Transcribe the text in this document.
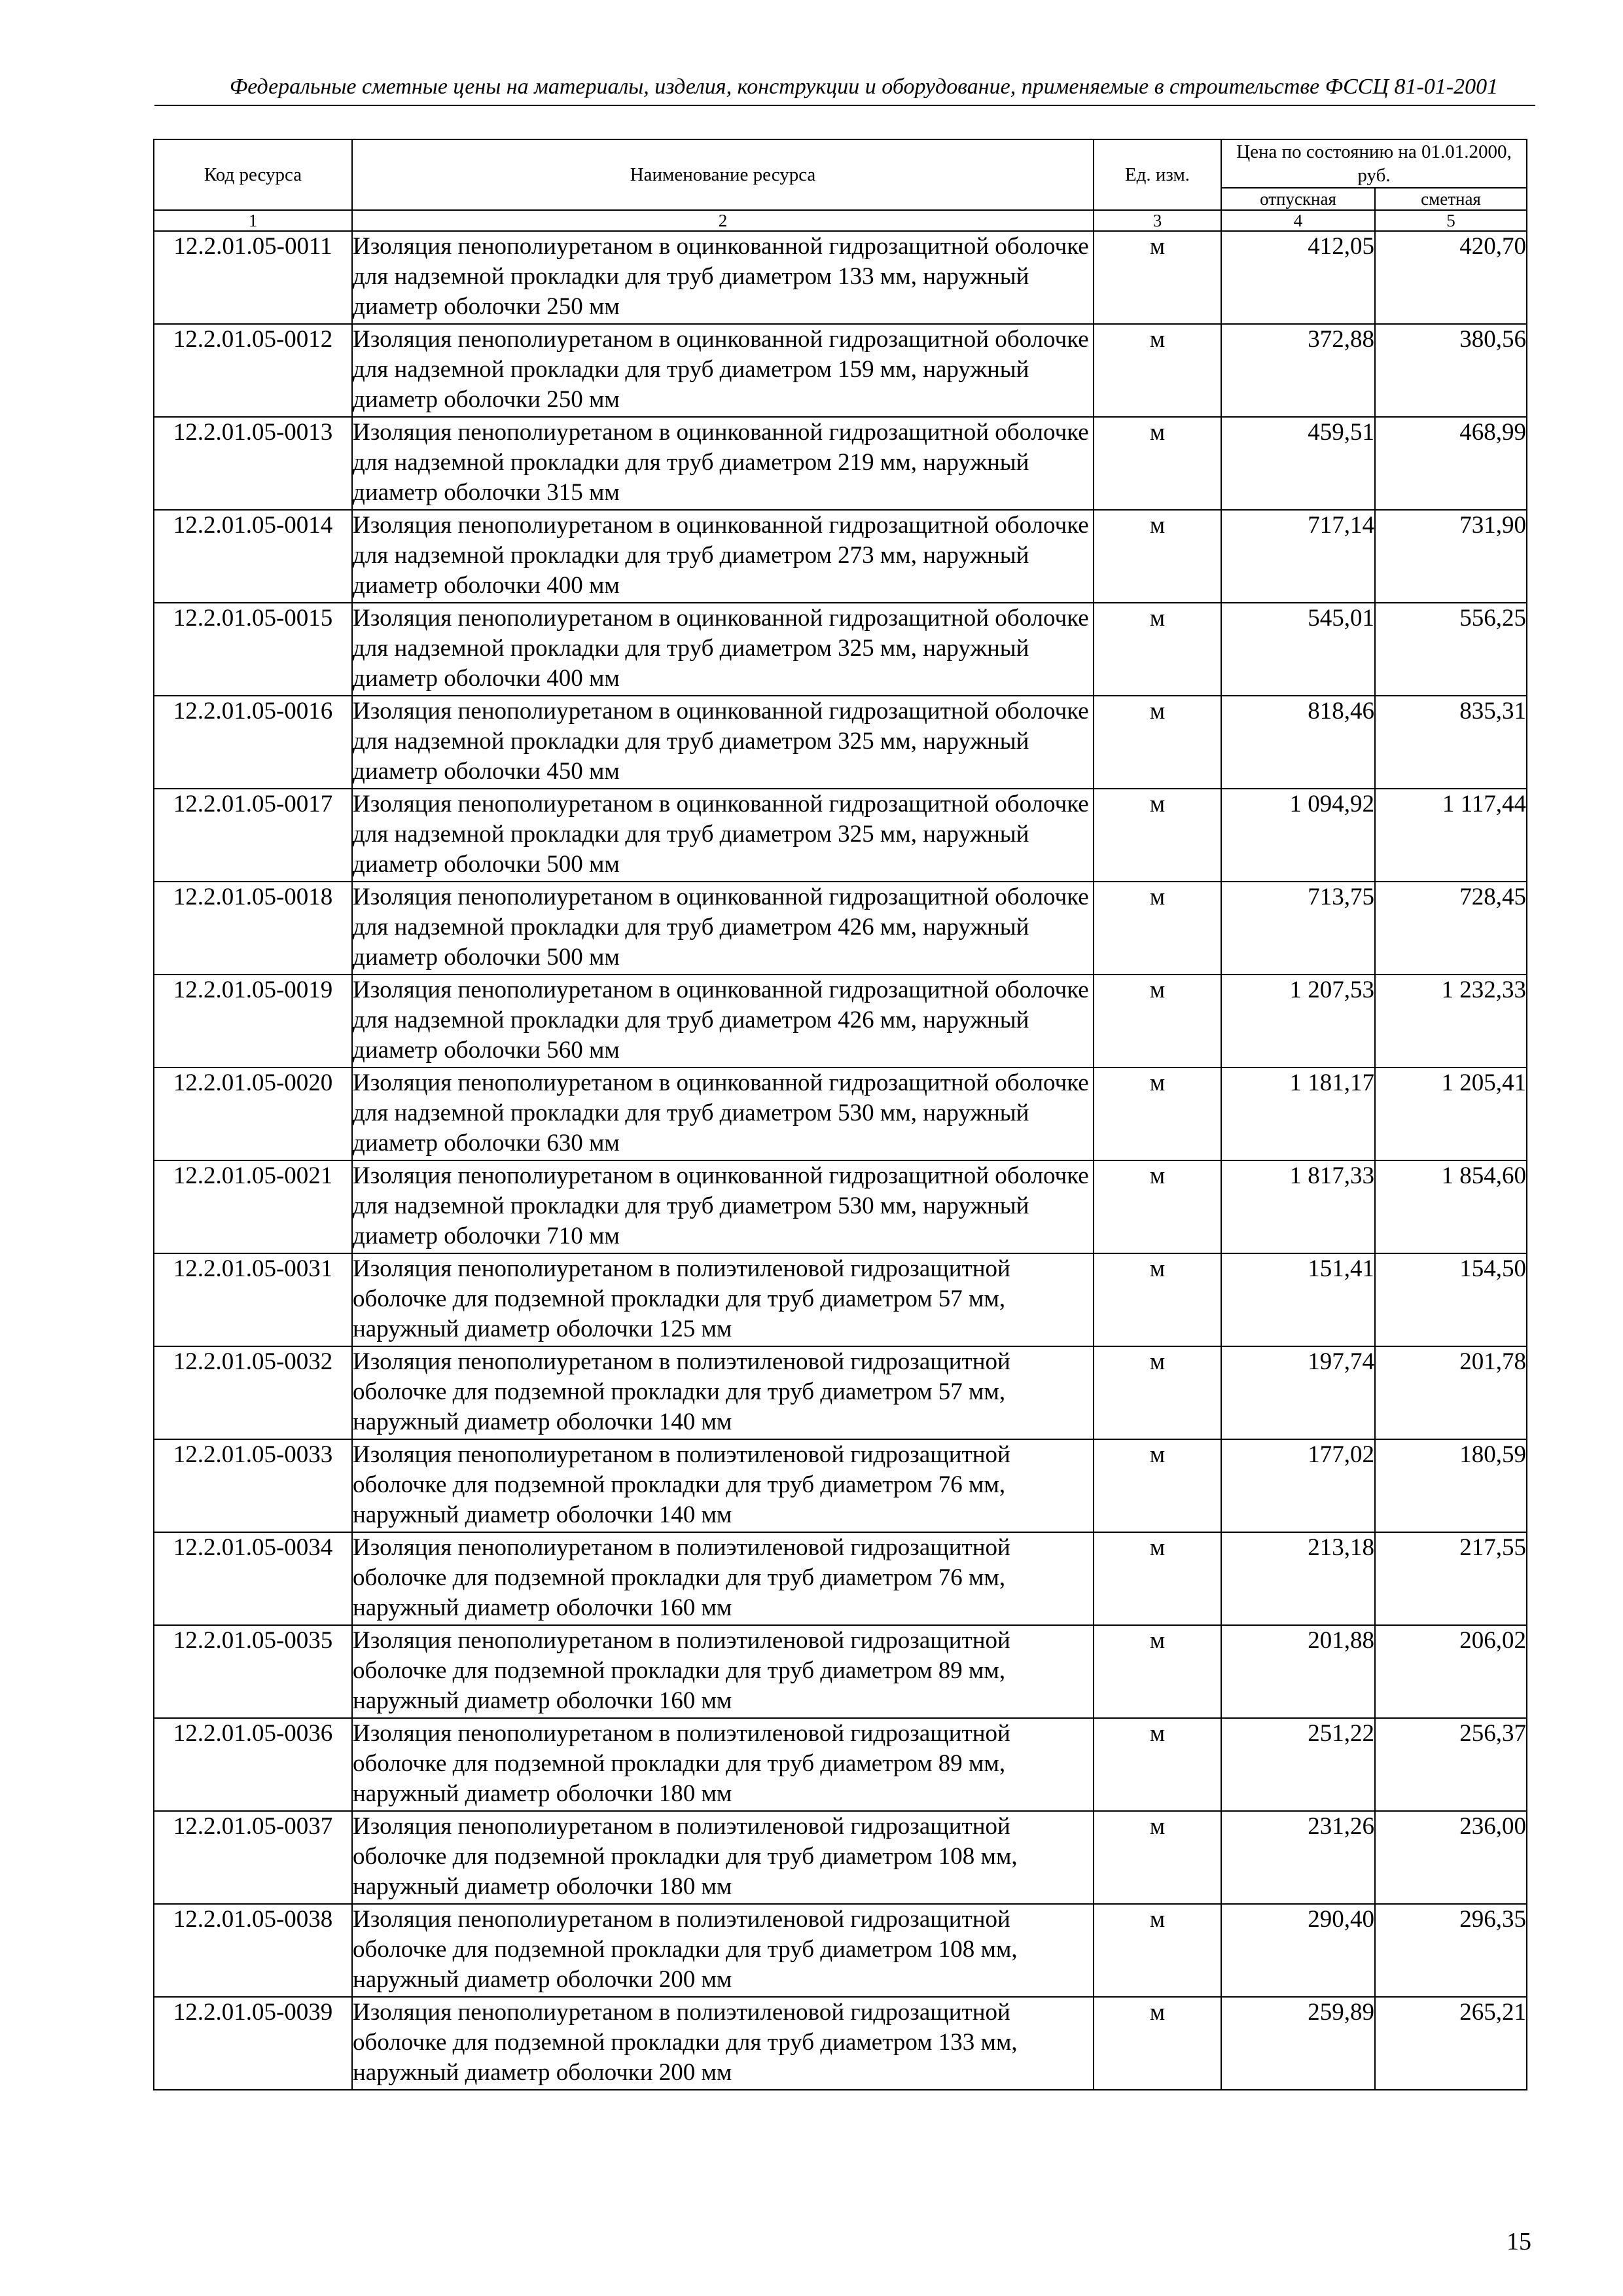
Федеральные сметные цены на материалы, изделия, конструкции и оборудование, применяемые в строительстве ФССЦ 81-01-2001
Код ресурса	Наименование ресурса	Ед. изм.	Цена по состоянию на 01.01.2000, руб.	
			отпускная	сметная
1	2	3	4	5
12.2.01.05-0011	Изоляция пенополиуретаном в оцинкованной гидрозащитной оболочке для надземной прокладки для труб диаметром 133 мм, наружный диаметр оболочки 250 мм	м	412,05	420,70
12.2.01.05-0012	Изоляция пенополиуретаном в оцинкованной гидрозащитной оболочке для надземной прокладки для труб диаметром 159 мм, наружный диаметр оболочки 250 мм	м	372,88	380,56
12.2.01.05-0013	Изоляция пенополиуретаном в оцинкованной гидрозащитной оболочке для надземной прокладки для труб диаметром 219 мм, наружный диаметр оболочки 315 мм	м	459,51	468,99
12.2.01.05-0014	Изоляция пенополиуретаном в оцинкованной гидрозащитной оболочке для надземной прокладки для труб диаметром 273 мм, наружный диаметр оболочки 400 мм	м	717,14	731,90
12.2.01.05-0015	Изоляция пенополиуретаном в оцинкованной гидрозащитной оболочке для надземной прокладки для труб диаметром 325 мм, наружный диаметр оболочки 400 мм	м	545,01	556,25
12.2.01.05-0016	Изоляция пенополиуретаном в оцинкованной гидрозащитной оболочке для надземной прокладки для труб диаметром 325 мм, наружный диаметр оболочки 450 мм	м	818,46	835,31
12.2.01.05-0017	Изоляция пенополиуретаном в оцинкованной гидрозащитной оболочке для надземной прокладки для труб диаметром 325 мм, наружный диаметр оболочки 500 мм	м	1 094,92	1 117,44
12.2.01.05-0018	Изоляция пенополиуретаном в оцинкованной гидрозащитной оболочке для надземной прокладки для труб диаметром 426 мм, наружный диаметр оболочки 500 мм	м	713,75	728,45
12.2.01.05-0019	Изоляция пенополиуретаном в оцинкованной гидрозащитной оболочке для надземной прокладки для труб диаметром 426 мм, наружный диаметр оболочки 560 мм	м	1 207,53	1 232,33
12.2.01.05-0020	Изоляция пенополиуретаном в оцинкованной гидрозащитной оболочке для надземной прокладки для труб диаметром 530 мм, наружный диаметр оболочки 630 мм	м	1 181,17	1 205,41
12.2.01.05-0021	Изоляция пенополиуретаном в оцинкованной гидрозащитной оболочке для надземной прокладки для труб диаметром 530 мм, наружный диаметр оболочки 710 мм	м	1 817,33	1 854,60
12.2.01.05-0031	Изоляция пенополиуретаном в полиэтиленовой гидрозащитной оболочке для подземной прокладки для труб диаметром 57 мм, наружный диаметр оболочки 125 мм	м	151,41	154,50
12.2.01.05-0032	Изоляция пенополиуретаном в полиэтиленовой гидрозащитной оболочке для подземной прокладки для труб диаметром 57 мм, наружный диаметр оболочки 140 мм	м	197,74	201,78
12.2.01.05-0033	Изоляция пенополиуретаном в полиэтиленовой гидрозащитной оболочке для подземной прокладки для труб диаметром 76 мм, наружный диаметр оболочки 140 мм	м	177,02	180,59
12.2.01.05-0034	Изоляция пенополиуретаном в полиэтиленовой гидрозащитной оболочке для подземной прокладки для труб диаметром 76 мм, наружный диаметр оболочки 160 мм	м	213,18	217,55
12.2.01.05-0035	Изоляция пенополиуретаном в полиэтиленовой гидрозащитной оболочке для подземной прокладки для труб диаметром 89 мм, наружный диаметр оболочки 160 мм	м	201,88	206,02
12.2.01.05-0036	Изоляция пенополиуретаном в полиэтиленовой гидрозащитной оболочке для подземной прокладки для труб диаметром 89 мм, наружный диаметр оболочки 180 мм	м	251,22	256,37
12.2.01.05-0037	Изоляция пенополиуретаном в полиэтиленовой гидрозащитной оболочке для подземной прокладки для труб диаметром 108 мм, наружный диаметр оболочки 180 мм	м	231,26	236,00
12.2.01.05-0038	Изоляция пенополиуретаном в полиэтиленовой гидрозащитной оболочке для подземной прокладки для труб диаметром 108 мм, наружный диаметр оболочки 200 мм	м	290,40	296,35
12.2.01.05-0039	Изоляция пенополиуретаном в полиэтиленовой гидрозащитной оболочке для подземной прокладки для труб диаметром 133 мм, наружный диаметр оболочки 200 мм	м	259,89	265,21
15
